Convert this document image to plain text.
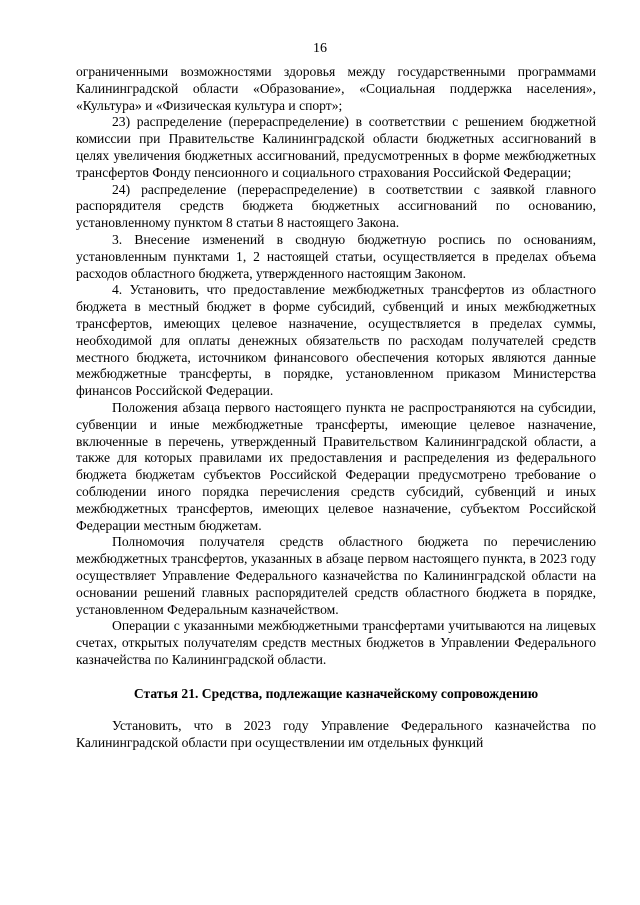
16

ограниченными возможностями здоровья между государственными программами Калининградской области «Образование», «Социальная поддержка населения», «Культура» и «Физическая культура и спорт»;

23) распределение (перераспределение) в соответствии с решением бюджетной комиссии при Правительстве Калининградской области бюджетных ассигнований в целях увеличения бюджетных ассигнований, предусмотренных в форме межбюджетных трансфертов Фонду пенсионного и социального страхования Российской Федерации;

24) распределение (перераспределение) в соответствии с заявкой главного распорядителя средств бюджета бюджетных ассигнований по основанию, установленному пунктом 8 статьи 8 настоящего Закона.

3. Внесение изменений в сводную бюджетную роспись по основаниям, установленным пунктами 1, 2 настоящей статьи, осуществляется в пределах объема расходов областного бюджета, утвержденного настоящим Законом.

4. Установить, что предоставление межбюджетных трансфертов из областного бюджета в местный бюджет в форме субсидий, субвенций и иных межбюджетных трансфертов, имеющих целевое назначение, осуществляется в пределах суммы, необходимой для оплаты денежных обязательств по расходам получателей средств местного бюджета, источником финансового обеспечения которых являются данные межбюджетные трансферты, в порядке, установленном приказом Министерства финансов Российской Федерации.

Положения абзаца первого настоящего пункта не распространяются на субсидии, субвенции и иные межбюджетные трансферты, имеющие целевое назначение, включенные в перечень, утвержденный Правительством Калининградской области, а также для которых правилами их предоставления и распределения из федерального бюджета бюджетам субъектов Российской Федерации предусмотрено требование о соблюдении иного порядка перечисления средств субсидий, субвенций и иных межбюджетных трансфертов, имеющих целевое назначение, субъектом Российской Федерации местным бюджетам.

Полномочия получателя средств областного бюджета по перечислению межбюджетных трансфертов, указанных в абзаце первом настоящего пункта, в 2023 году осуществляет Управление Федерального казначейства по Калининградской области на основании решений главных распорядителей средств областного бюджета в порядке, установленном Федеральным казначейством.

Операции с указанными межбюджетными трансфертами учитываются на лицевых счетах, открытых получателям средств местных бюджетов в Управлении Федерального казначейства по Калининградской области.

Статья 21. Средства, подлежащие казначейскому сопровождению

Установить, что в 2023 году Управление Федерального казначейства по Калининградской области при осуществлении им отдельных функций
